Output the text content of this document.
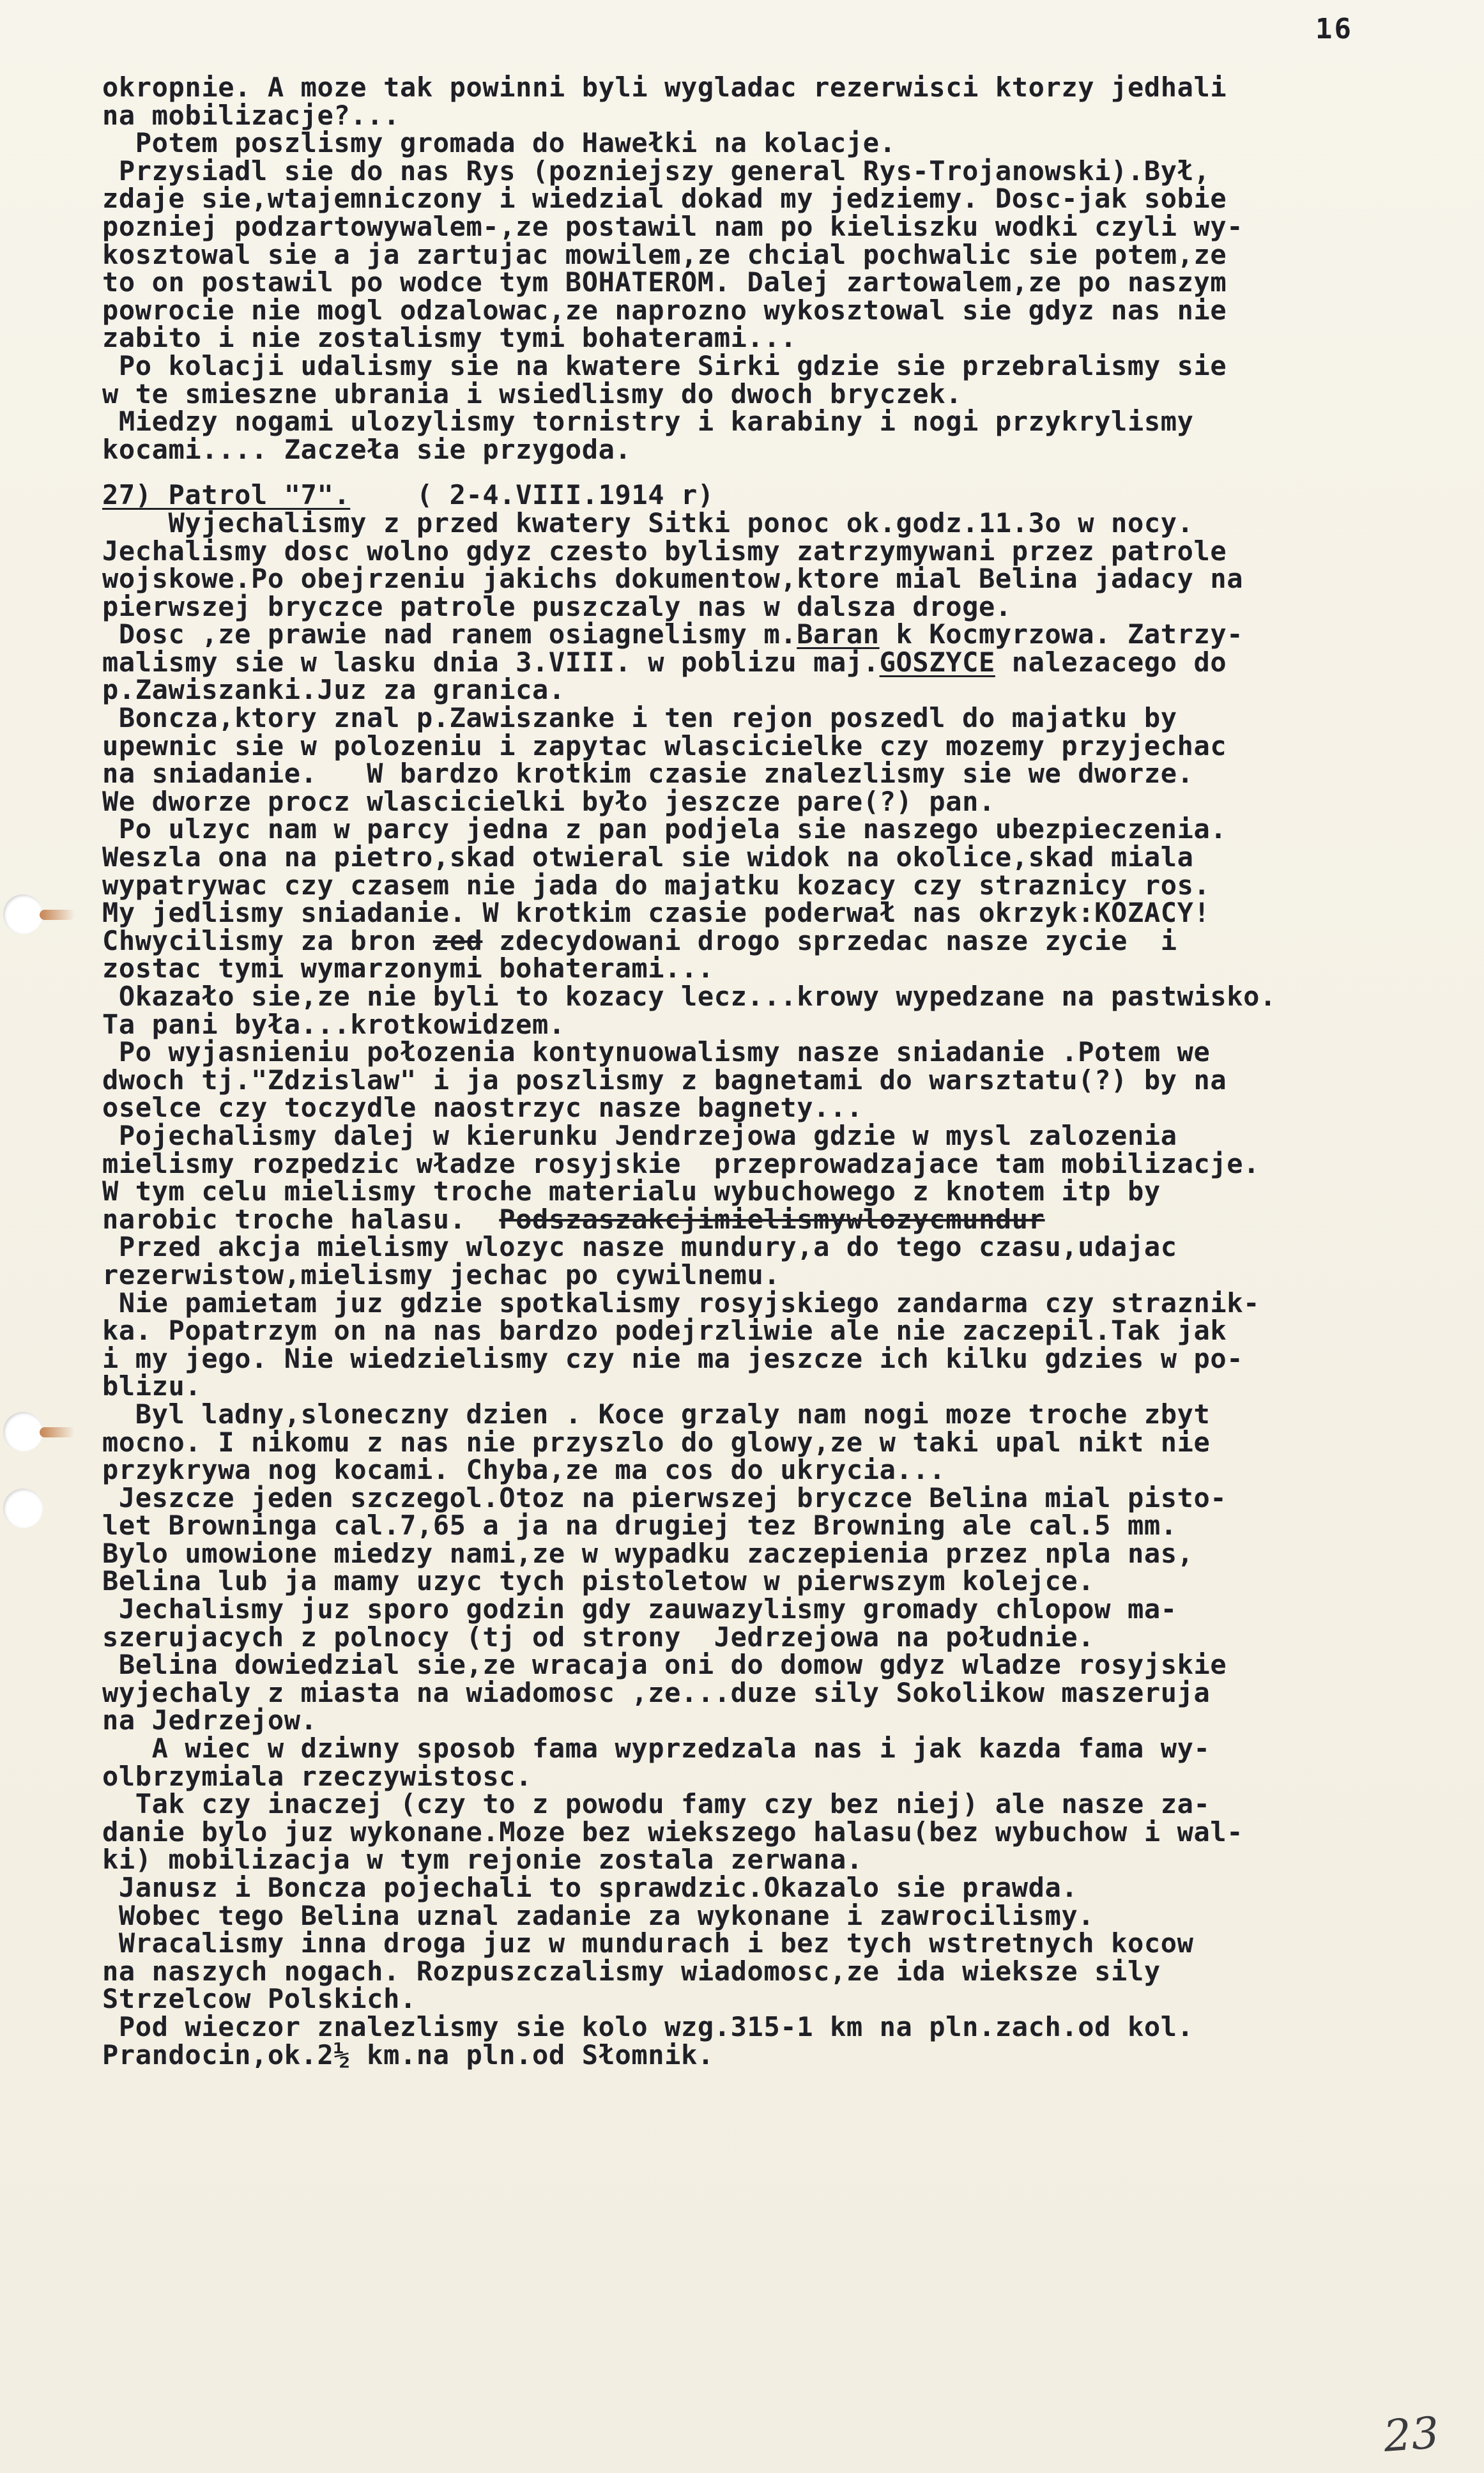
16
okropnie. A moze tak powinni byli wygladac rezerwisci ktorzy jedhali
na mobilizacje?...
Potem poszlismy gromada do Hawełki na kolacje.
Przysiadl sie do nas Rys (pozniejszy general Rys-Trojanowski).Był,
zdaje sie,wtajemniczony i wiedzial dokad my jedziemy. Dosc-jak sobie
pozniej podzartowywalem-,ze postawil nam po kieliszku wodki czyli wy-
kosztowal sie a ja zartujac mowilem,ze chcial pochwalic sie potem,ze
to on postawil po wodce tym BOHATEROM. Dalej zartowalem,ze po naszym
powrocie nie mogl odzalowac,ze naprozno wykosztowal sie gdyz nas nie
zabito i nie zostalismy tymi bohaterami...
Po kolacji udalismy sie na kwatere Sirki gdzie sie przebralismy sie
w te smieszne ubrania i wsiedlismy do dwoch bryczek.
Miedzy nogami ulozylismy tornistry i karabiny i nogi przykrylismy
kocami.... Zaczeła sie przygoda.
27) Patrol "7".    ( 2-4.VIII.1914 r)
Wyjechalismy z przed kwatery Sitki ponoc ok.godz.11.3o w nocy.
Jechalismy dosc wolno gdyz czesto bylismy zatrzymywani przez patrole
wojskowe.Po obejrzeniu jakichs dokumentow,ktore mial Belina jadacy na
pierwszej bryczce patrole puszczaly nas w dalsza droge.
Dosc ,ze prawie nad ranem osiagnelismy m.Baran k Kocmyrzowa. Zatrzy-
malismy sie w lasku dnia 3.VIII. w poblizu maj.GOSZYCE nalezacego do
p.Zawiszanki.Juz za granica.
Boncza,ktory znal p.Zawiszanke i ten rejon poszedl do majatku by
upewnic sie w polozeniu i zapytac wlascicielke czy mozemy przyjechac
na sniadanie.   W bardzo krotkim czasie znalezlismy sie we dworze.
We dworze procz wlascicielki było jeszcze pare(?) pan.
Po ulzyc nam w parcy jedna z pan podjela sie naszego ubezpieczenia.
Weszla ona na pietro,skad otwieral sie widok na okolice,skad miala
wypatrywac czy czasem nie jada do majatku kozacy czy straznicy ros.
My jedlismy sniadanie. W krotkim czasie poderwał nas okrzyk:KOZACY!
Chwycilismy za bron zed zdecydowani drogo sprzedac nasze zycie  i
zostac tymi wymarzonymi bohaterami...
Okazało sie,ze nie byli to kozacy lecz...krowy wypedzane na pastwisko.
Ta pani była...krotkowidzem.
Po wyjasnieniu połozenia kontynuowalismy nasze sniadanie .Potem we
dwoch tj."Zdzislaw" i ja poszlismy z bagnetami do warsztatu(?) by na
oselce czy toczydle naostrzyc nasze bagnety...
Pojechalismy dalej w kierunku Jendrzejowa gdzie w mysl zalozenia
mielismy rozpedzic władze rosyjskie  przeprowadzajace tam mobilizacje.
W tym celu mielismy troche materialu wybuchowego z knotem itp by
narobic troche halasu.  Podszaszakcjimielismywlozycmundur
Przed akcja mielismy wlozyc nasze mundury,a do tego czasu,udajac
rezerwistow,mielismy jechac po cywilnemu.
Nie pamietam juz gdzie spotkalismy rosyjskiego zandarma czy straznik-
ka. Popatrzym on na nas bardzo podejrzliwie ale nie zaczepil.Tak jak
i my jego. Nie wiedzielismy czy nie ma jeszcze ich kilku gdzies w po-
blizu.
Byl ladny,sloneczny dzien . Koce grzaly nam nogi moze troche zbyt
mocno. I nikomu z nas nie przyszlo do glowy,ze w taki upal nikt nie
przykrywa nog kocami. Chyba,ze ma cos do ukrycia...
Jeszcze jeden szczegol.Otoz na pierwszej bryczce Belina mial pisto-
let Browninga cal.7,65 a ja na drugiej tez Browning ale cal.5 mm.
Bylo umowione miedzy nami,ze w wypadku zaczepienia przez npla nas,
Belina lub ja mamy uzyc tych pistoletow w pierwszym kolejce.
Jechalismy juz sporo godzin gdy zauwazylismy gromady chlopow ma-
szerujacych z polnocy (tj od strony  Jedrzejowa na południe.
Belina dowiedzial sie,ze wracaja oni do domow gdyz wladze rosyjskie
wyjechaly z miasta na wiadomosc ,ze...duze sily Sokolikow maszeruja
na Jedrzejow.
A wiec w dziwny sposob fama wyprzedzala nas i jak kazda fama wy-
olbrzymiala rzeczywistosc.
Tak czy inaczej (czy to z powodu famy czy bez niej) ale nasze za-
danie bylo juz wykonane.Moze bez wiekszego halasu(bez wybuchow i wal-
ki) mobilizacja w tym rejonie zostala zerwana.
Janusz i Boncza pojechali to sprawdzic.Okazalo sie prawda.
Wobec tego Belina uznal zadanie za wykonane i zawrocilismy.
Wracalismy inna droga juz w mundurach i bez tych wstretnych kocow
na naszych nogach. Rozpuszczalismy wiadomosc,ze ida wieksze sily
Strzelcow Polskich.
Pod wieczor znalezlismy sie kolo wzg.315-1 km na pln.zach.od kol.
Prandocin,ok.2½ km.na pln.od Słomnik.
23
